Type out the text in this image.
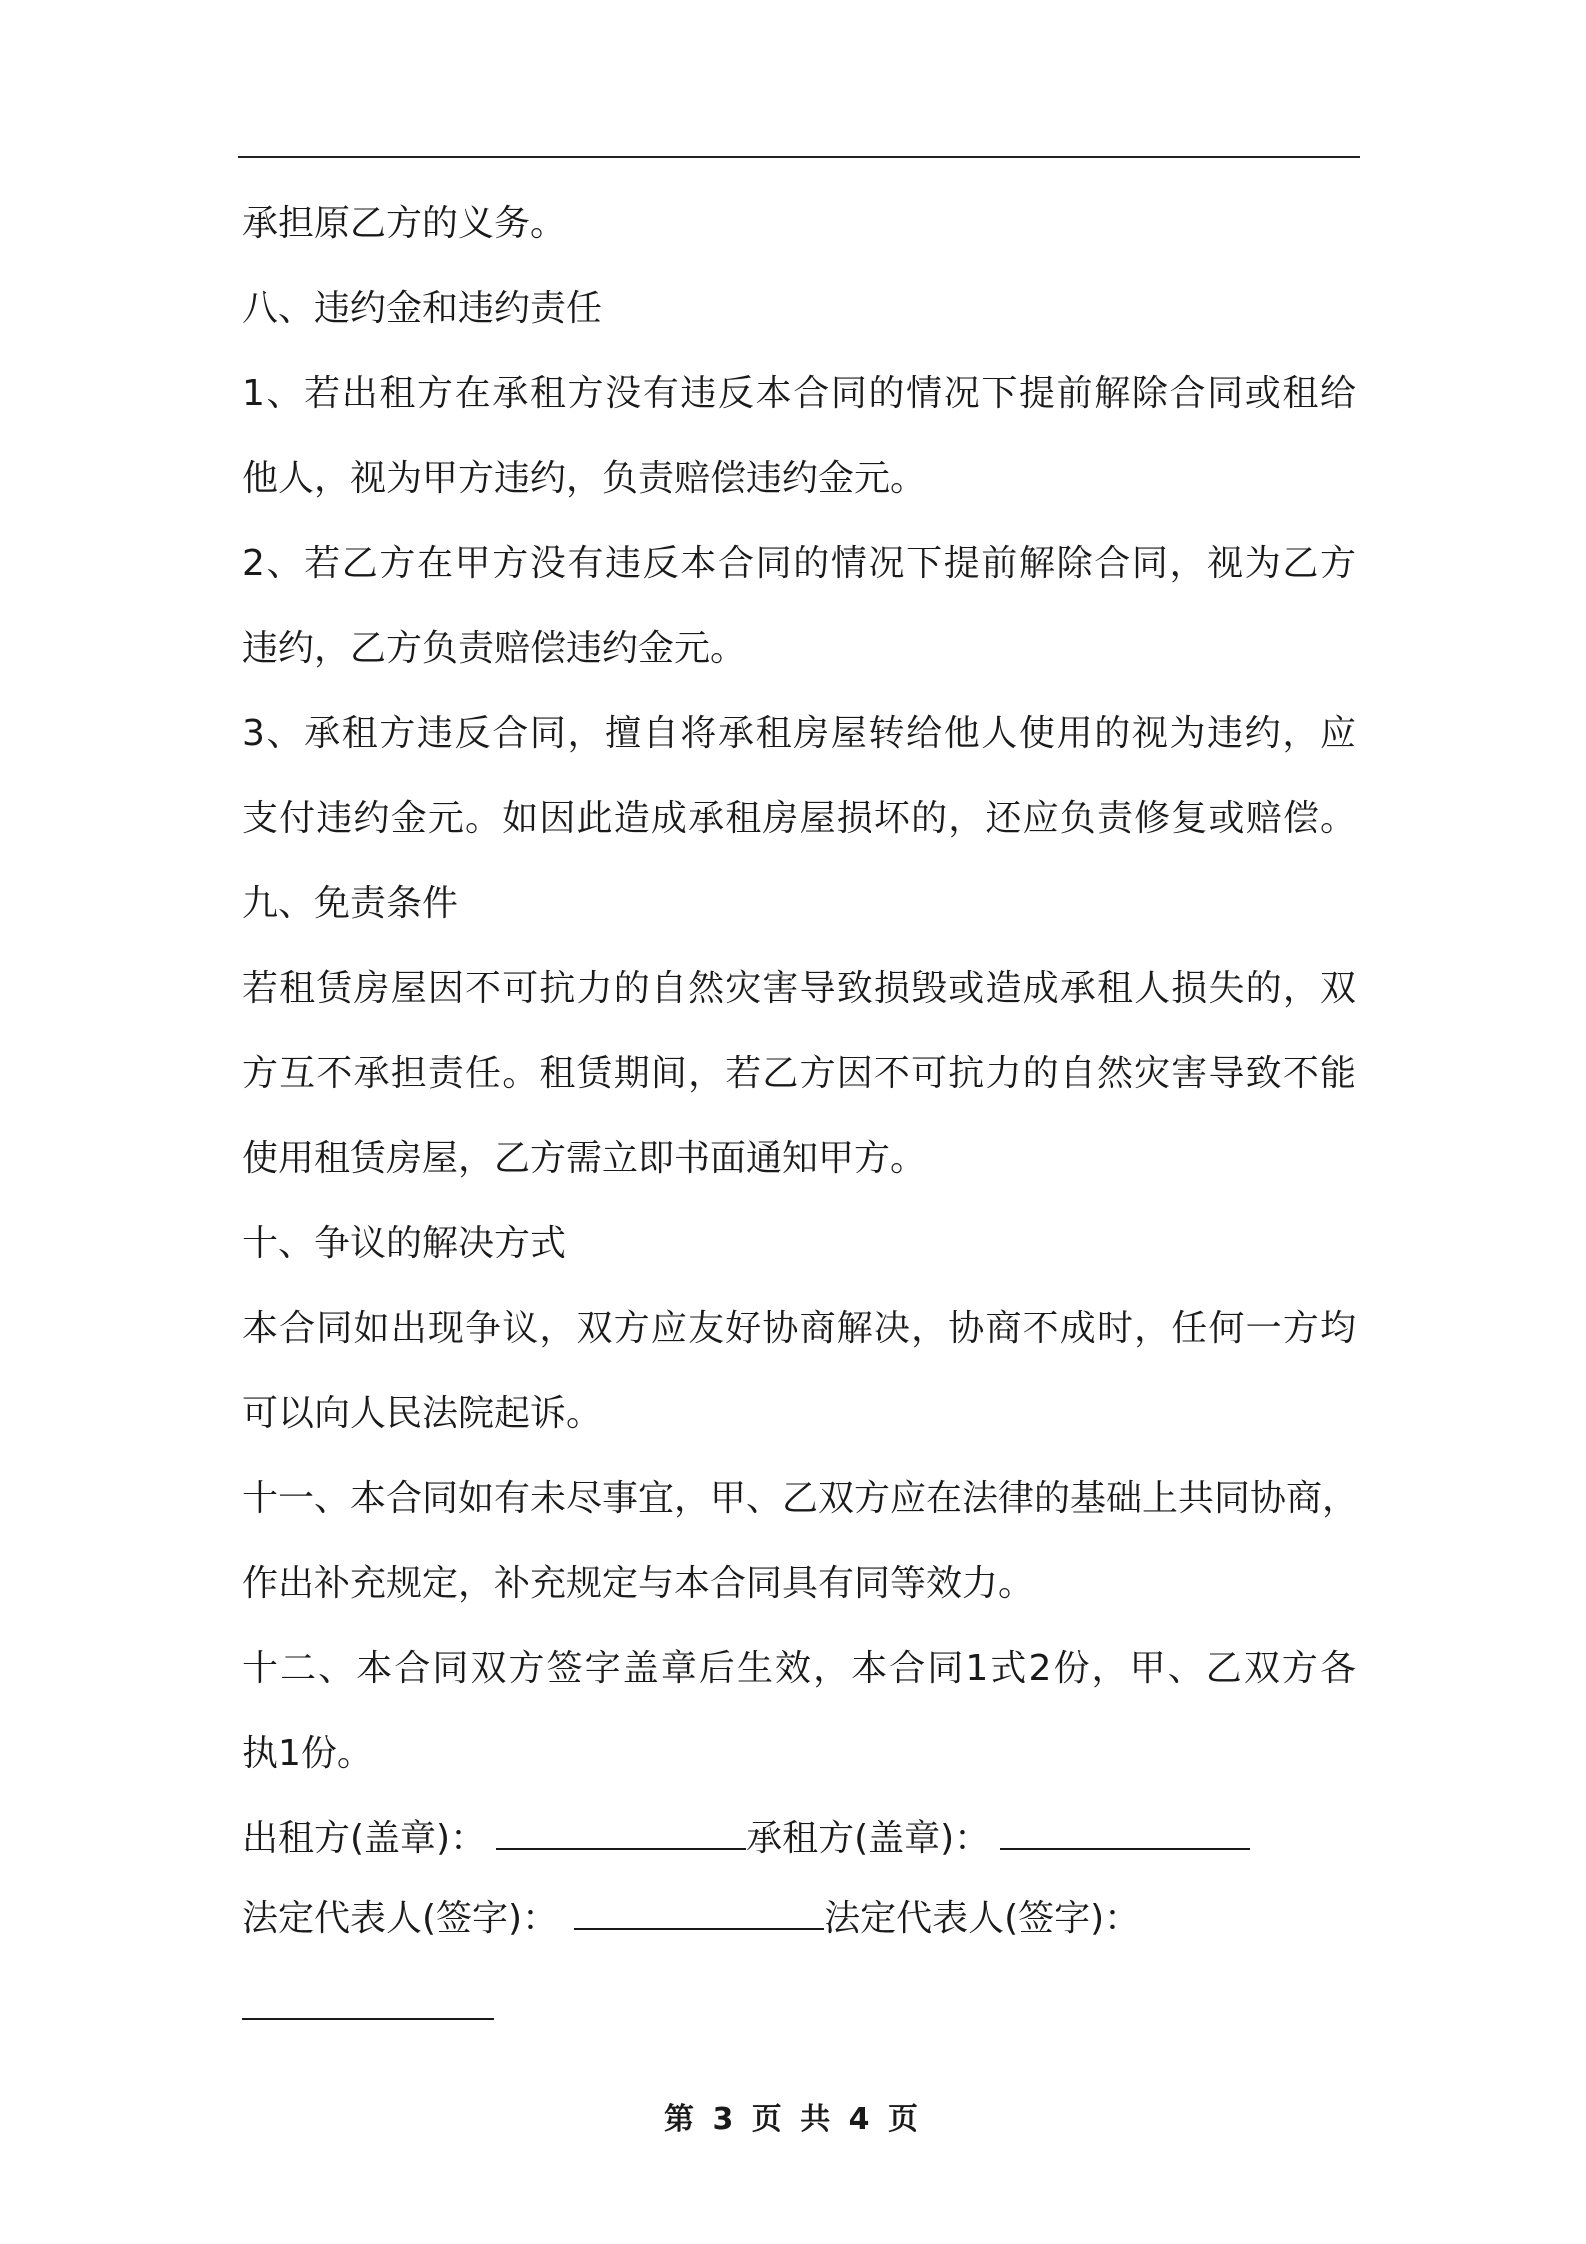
承担原乙方的义务。
八、违约金和违约责任
1、若出租方在承租方没有违反本合同的情况下提前解除合同或租给
他人，视为甲方违约，负责赔偿违约金元。
2、若乙方在甲方没有违反本合同的情况下提前解除合同，视为乙方
违约，乙方负责赔偿违约金元。
3、承租方违反合同，擅自将承租房屋转给他人使用的视为违约，应
支付违约金元。如因此造成承租房屋损坏的，还应负责修复或赔偿。
九、免责条件
若租赁房屋因不可抗力的自然灾害导致损毁或造成承租人损失的，双
方互不承担责任。租赁期间，若乙方因不可抗力的自然灾害导致不能
使用租赁房屋，乙方需立即书面通知甲方。
十、争议的解决方式
本合同如出现争议，双方应友好协商解决，协商不成时，任何一方均
可以向人民法院起诉。
十一、本合同如有未尽事宜，甲、乙双方应在法律的基础上共同协商，
作出补充规定，补充规定与本合同具有同等效力。
十二、本合同双方签字盖章后生效，本合同1式2份，甲、乙双方各
执1份。
出租方(盖章)：	承租方(盖章)：
法定代表人(签字)：	法定代表人(签字)：
第 3 页 共 4 页
